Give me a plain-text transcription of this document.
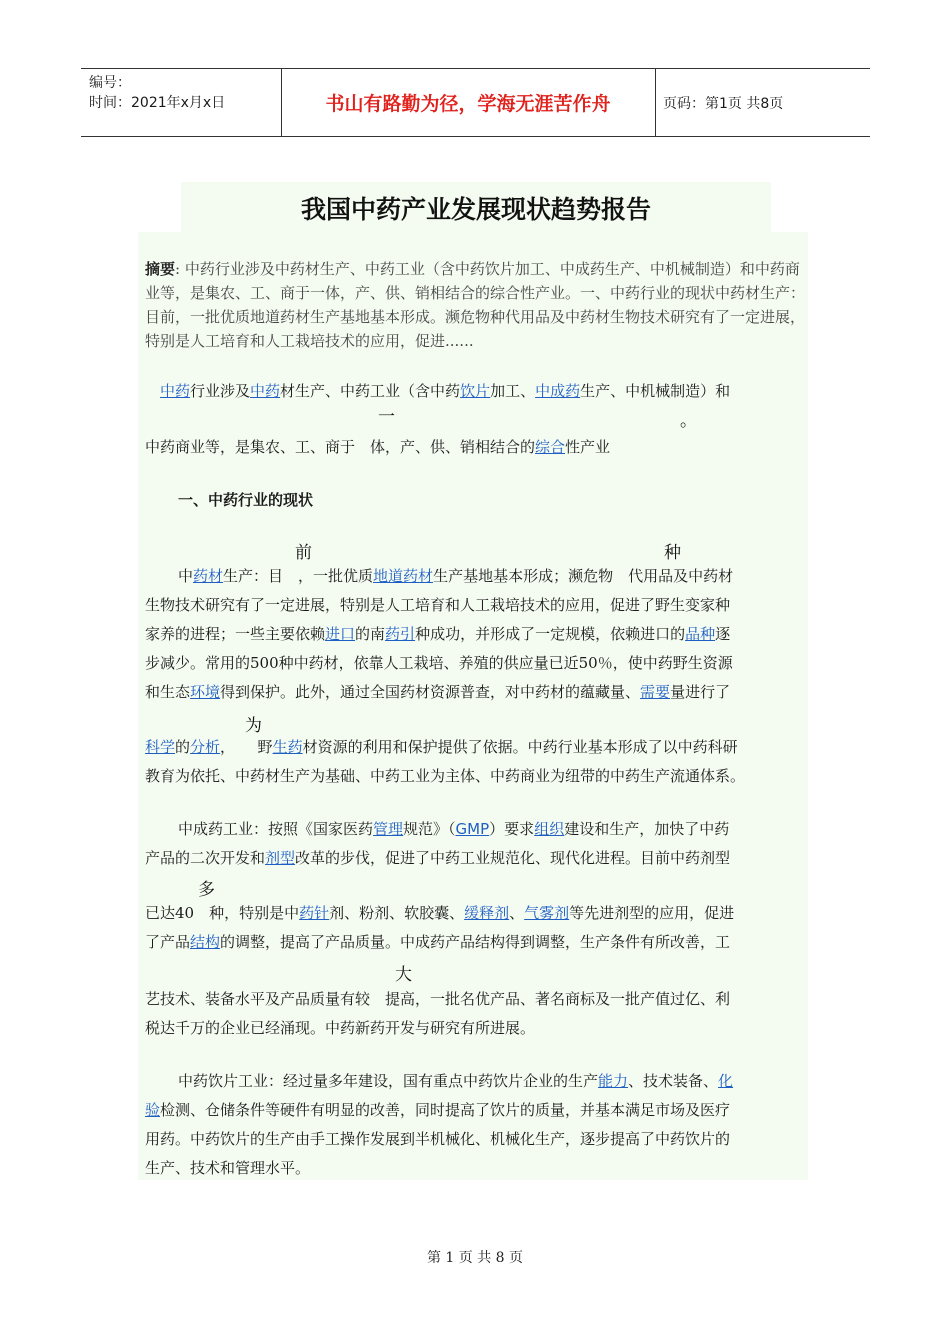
编号：
时间：2021年x月x日	书山有路勤为径，学海无涯苦作舟	页码：第1页 共8页
我国中药产业发展现状趋势报告
摘要: 中药行业涉及中药材生产、中药工业（含中药饮片加工、中成药生产、中机械制造）和中药商业等，是集农、工、商于一体，产、供、销相结合的综合性产业。一、中药行业的现状中药材生产：目前，一批优质地道药材生产基地基本形成。濒危物种代用品及中药材生物技术研究有了一定进展，特别是人工培育和人工栽培技术的应用，促进......
一	。
中药行业涉及中药材生产、中药工业（含中药饮片加工、中成药生产、中机械制造）和
中药商业等，是集农、工、商于　体，产、供、销相结合的综合性产业
一、中药行业的现状
前	种
中药材生产：目　，一批优质地道药材生产基地基本形成；濒危物　代用品及中药材
生物技术研究有了一定进展，特别是人工培育和人工栽培技术的应用，促进了野生变家种
家养的进程；一些主要依赖进口的南药引种成功，并形成了一定规模，依赖进口的品种逐
步减少。常用的500种中药材，依靠人工栽培、养殖的供应量已近50％，使中药野生资源
和生态环境得到保护。此外，通过全国药材资源普查，对中药材的蕴藏量、需要量进行了
为
科学的分析，　　野生药材资源的利用和保护提供了依据。中药行业基本形成了以中药科研
教育为依托、中药材生产为基础、中药工业为主体、中药商业为纽带的中药生产流通体系。
中成药工业：按照《国家医药管理规范》（GMP）要求组织建设和生产，加快了中药
产品的二次开发和剂型改革的步伐，促进了中药工业规范化、现代化进程。目前中药剂型
多
已达40　种，特别是中药针剂、粉剂、软胶囊、缓释剂、气雾剂等先进剂型的应用，促进
了产品结构的调整，提高了产品质量。中成药产品结构得到调整，生产条件有所改善，工
大
艺技术、装备水平及产品质量有较　提高，一批名优产品、著名商标及一批产值过亿、利
税达千万的企业已经涌现。中药新药开发与研究有所进展。
中药饮片工业：经过量多年建设，国有重点中药饮片企业的生产能力、技术装备、化
验检测、仓储条件等硬件有明显的改善，同时提高了饮片的质量，并基本满足市场及医疗
用药。中药饮片的生产由手工操作发展到半机械化、机械化生产，逐步提高了中药饮片的
生产、技术和管理水平。
第 1 页 共 8 页
